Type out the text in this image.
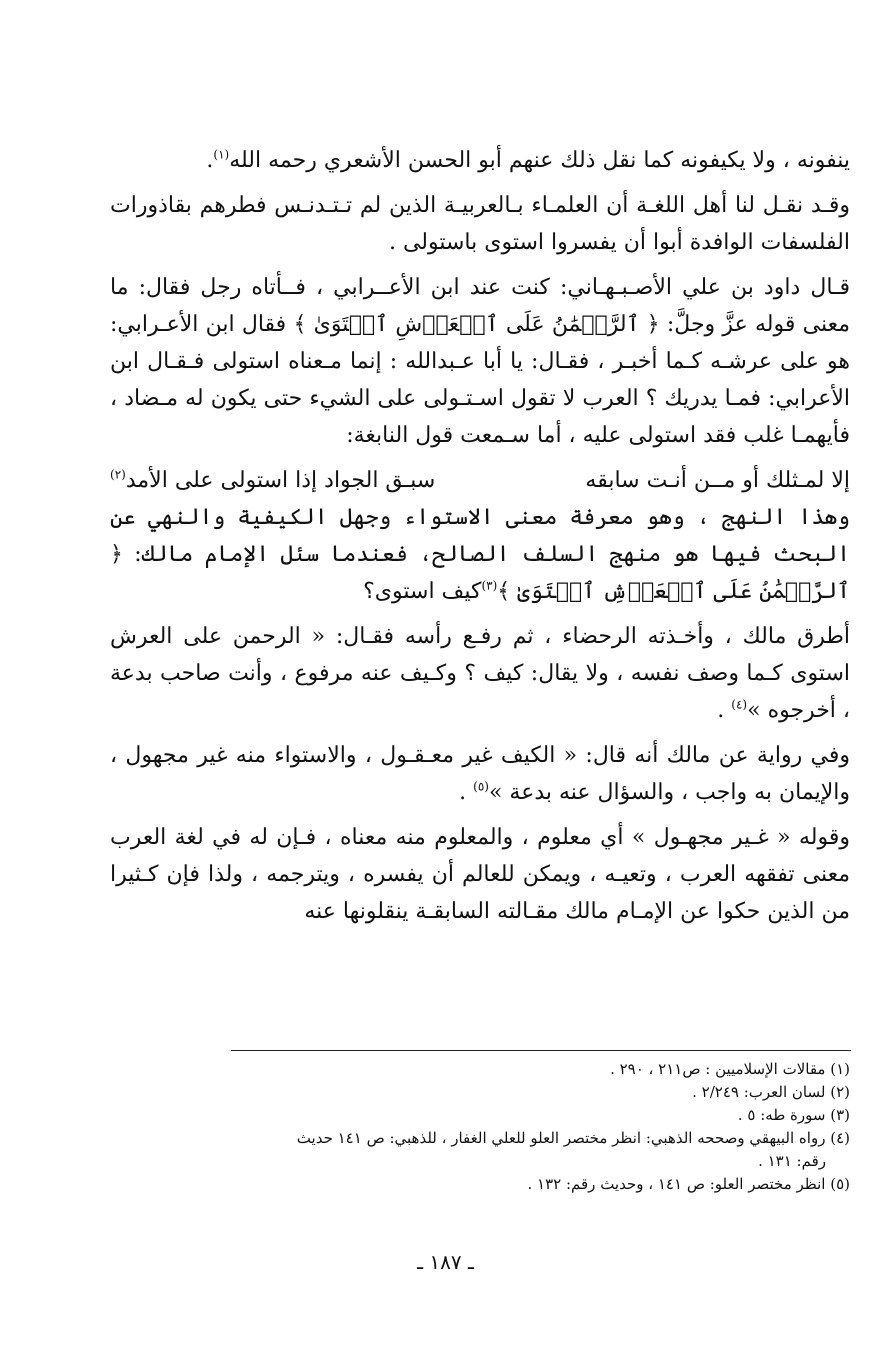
ينفونه ، ولا يكيفونه كما نقل ذلك عنهم أبو الحسن الأشعري رحمه الله$^{(١)}$.

وقـد نقـل لنا أهل اللغـة أن العلمـاء بـالعربيـة الذين لم تـتـدنـس فطرهم بقاذورات الفلسفات الوافدة أبوا أن يفسروا استوى باستولى .

قـال داود بن علي الأصـبـهـاني: كنت عند ابن الأعــرابي ، فــأتاه رجل فقال: ما معنى قوله عزَّ وجلَّ: ﴿ ٱلرَّحۡمَٰنُ عَلَى ٱلۡعَرۡشِ ٱسۡتَوَىٰ ﴾ فقال ابن الأعـرابي: هو على عرشـه كـما أخبـر ، فقـال: يا أبا عـبدالله : إنما مـعناه استولى فـقـال ابن الأعرابي: فمـا يدريك ؟ العرب لا تقول اسـتـولى على الشيء حتى يكون له مـضاد ، فأيهمـا غلب فقد استولى عليه ، أما سـمعت قول النابغة:

إلا لمـثلك أو مــن أنـت سابقه
سبـق الجواد إذا استولى على الأمد$^{(٢)}$

وهذا النهج ، وهو معرفة معنى الاستواء وجهل الكيفية والنهي عن البحث فيها هو منهج السلف الصالح، فعندما سئل الإمام مالك: ﴿ ٱلرَّحۡمَٰنُ عَلَى ٱلۡعَرۡشِ ٱسۡتَوَىٰ ﴾$^{(٣)}$كيف استوى؟

أطرق مالك ، وأخـذته الرحضاء ، ثم رفـع رأسه فقـال: « الرحمن على العرش استوى كـما وصف نفسه ، ولا يقال: كيف ؟ وكـيف عنه مرفوع ، وأنت صاحب بدعة ، أخرجوه »$^{(٤)}$ .

وفي رواية عن مالك أنه قال: « الكيف غير معـقـول ، والاستواء منه غير مجهول ، والإيمان به واجب ، والسؤال عنه بدعة »$^{(٥)}$ .

وقوله « غـير مجهـول » أي معلوم ، والمعلوم منه معناه ، فـإن له في لغة العرب معنى تفقهه العرب ، وتعيـه ، ويمكن للعالم أن يفسره ، ويترجمه ، ولذا فإن كـثيرا من الذين حكوا عن الإمـام مالك مقـالته السابقـة ينقلونها عنه

(١) مقالات الإسلاميين : ص٢١١ ، ٢٩٠ .

(٢) لسان العرب: ٢/٢٤٩ .

(٣) سورة طه: ٥ .

(٤) رواه البيهقي وصححه الذهبي: انظر مختصر العلو للعلي الغفار ، للذهبي: ص ١٤١ حديث

رقم: ١٣١ .

(٥) انظر مختصر العلو: ص ١٤١ ، وحديث رقم: ١٣٢ .

ـ ١٨٧ ـ
